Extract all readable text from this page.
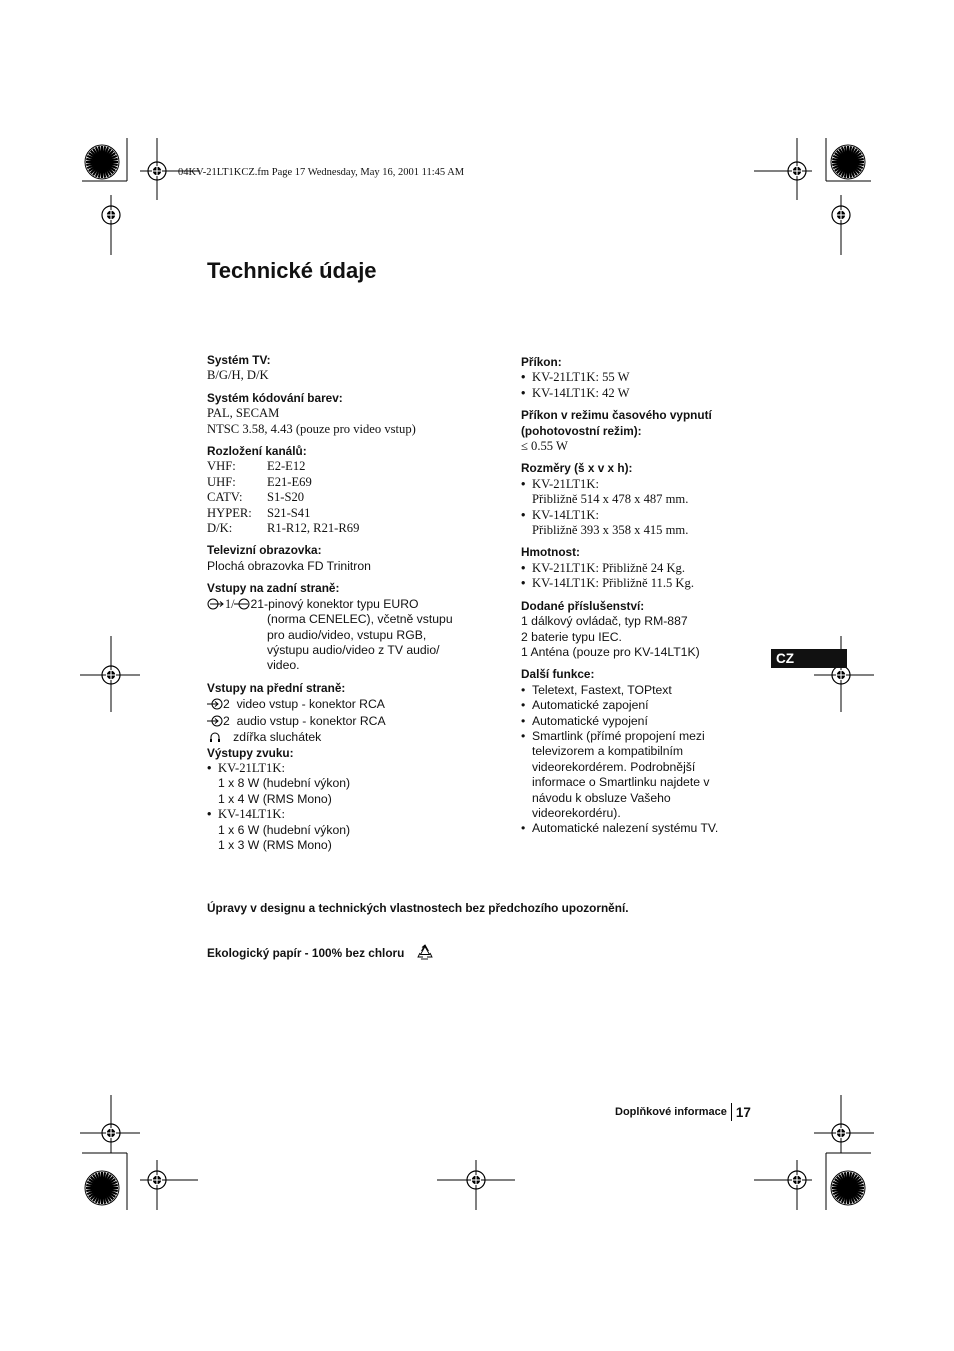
04KV-21LT1KCZ.fm Page 17 Wednesday, May 16, 2001 11:45 AM
Technické údaje
Systém TV:
B/G/H, D/K
Systém kódování barev:
PAL, SECAM
NTSC 3.58, 4.43 (pouze pro video vstup)
Rozložení kanálů:
VHF:	E2-E12
UHF:	E21-E69
CATV:	S1-S20
HYPER:	S21-S41
D/K:	R1-R12, R21-R69
Televizní obrazovka:
Plochá obrazovka FD Trinitron
Vstupy na zadní straně:
1/ 21-pinový konektor typu EURO
(norma CENELEC), včetně vstupu
pro audio/video, vstupu RGB,
výstupu audio/video z TV audio/
video.
Vstupy na přední straně:
2 video vstup - konektor RCA
2 audio vstup - konektor RCA
zdířka sluchátek
Výstupy zvuku:
• KV-21LT1K:
1 x 8 W (hudební výkon)
1 x 4 W (RMS Mono)
• KV-14LT1K:
1 x 6 W (hudební výkon)
1 x 3 W (RMS Mono)
Příkon:
• KV-21LT1K: 55 W
• KV-14LT1K: 42 W
Příkon v režimu časového vypnutí
(pohotovostní režim):
≤ 0.55 W
Rozměry (š x v x h):
• KV-21LT1K:
Přibližně 514 x 478 x 487 mm.
• KV-14LT1K:
Přibližně 393 x 358 x 415 mm.
Hmotnost:
• KV-21LT1K: Přibližně 24 Kg.
• KV-14LT1K: Přibližně 11.5 Kg.
Dodané příslušenství:
1 dálkový ovládač, typ RM-887
2 baterie typu IEC.
1 Anténa (pouze pro KV-14LT1K)
Další funkce:
• Teletext, Fastext, TOPtext
• Automatické zapojení
• Automatické vypojení
• Smartlink (přímé propojení mezi
televizorem a kompatibilním
videorekordérem. Podrobnější
informace o Smartlinku najdete v
návodu k obsluze Vašeho
videorekordéru).
• Automatické nalezení systému TV.
CZ
Úpravy v designu a technických vlastnostech bez předchozího upozornění.
Ekologický papír - 100% bez chloru
Doplňkové informace 17
